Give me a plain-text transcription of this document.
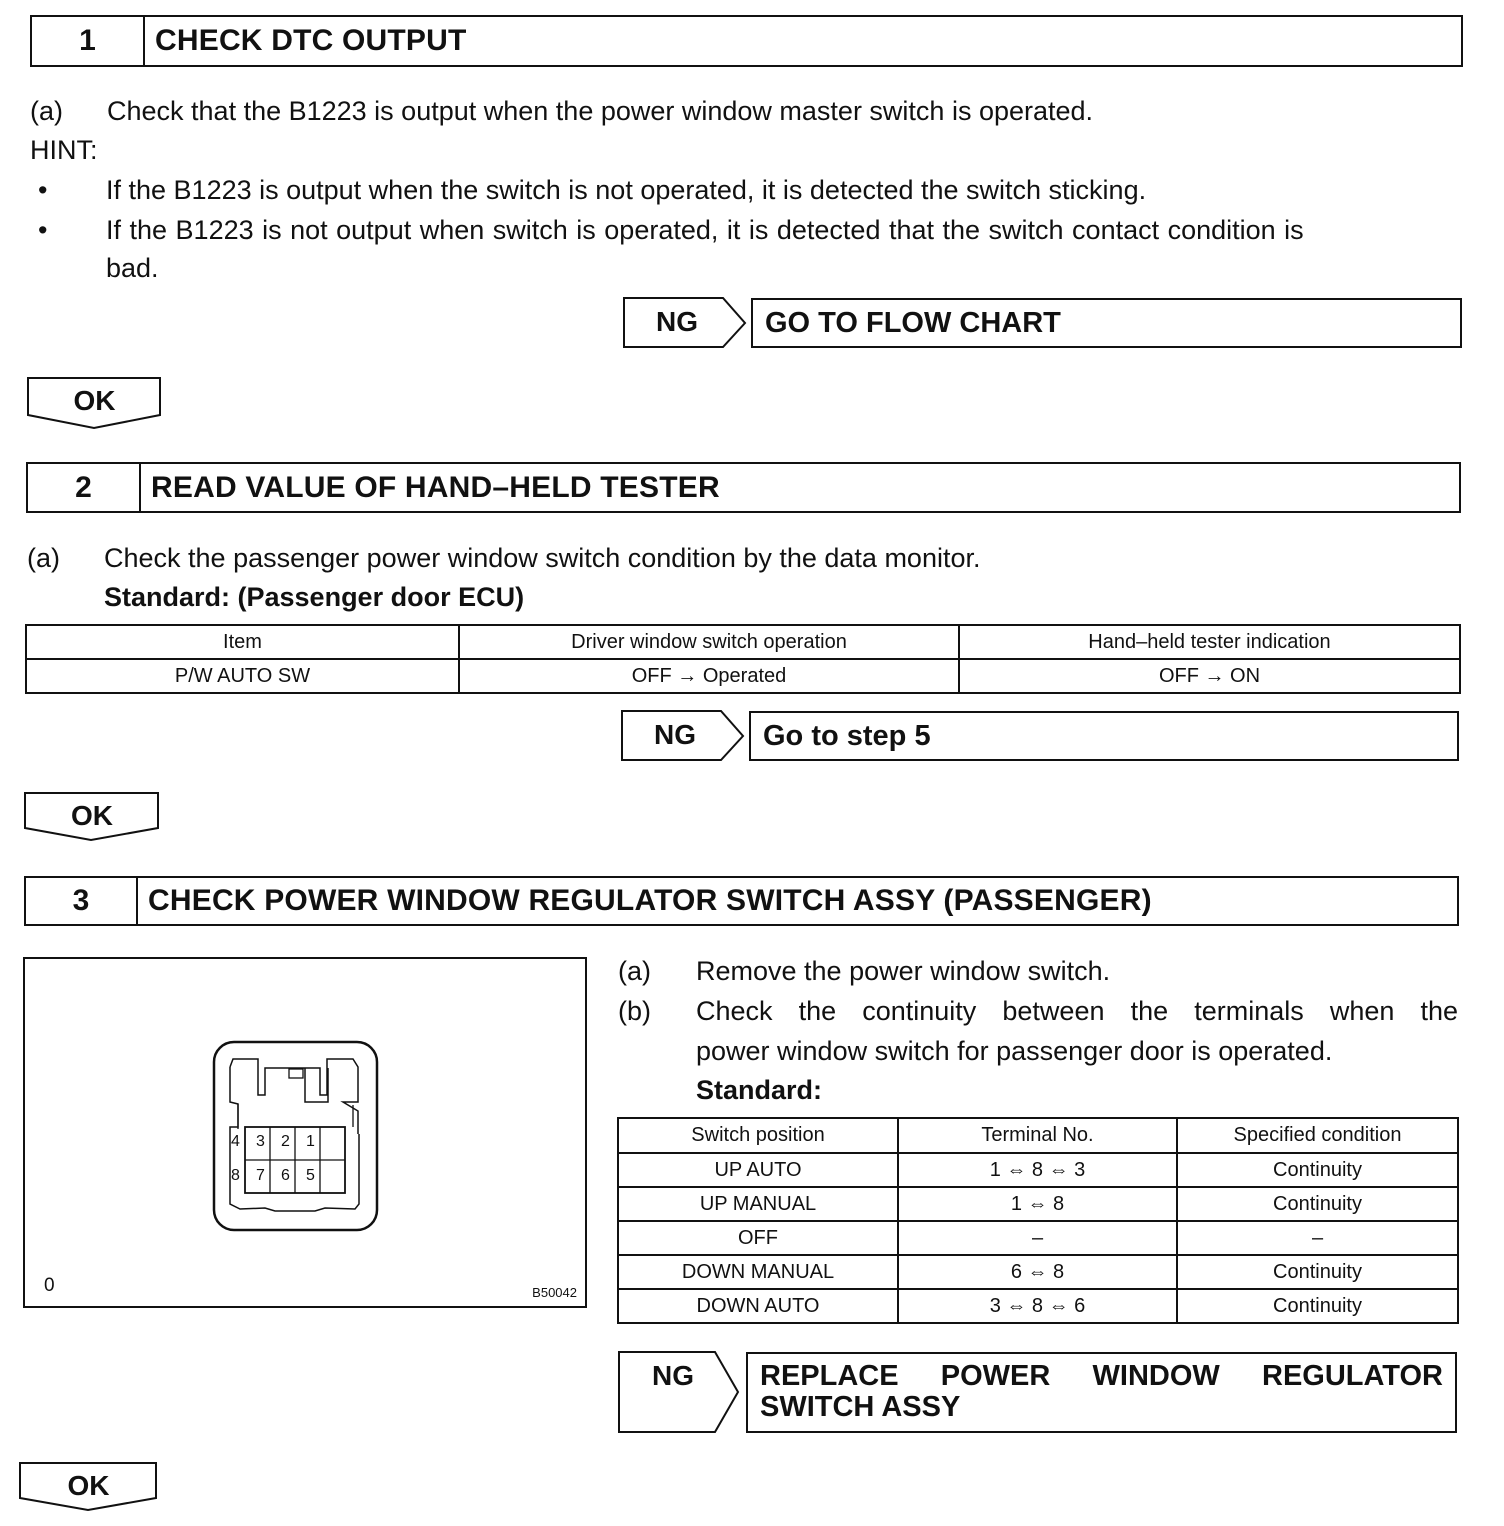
1	CHECK DTC OUTPUT
(a) Check that the B1223 is output when the power window master switch is operated.
HINT:
• If the B1223 is output when the switch is not operated, it is detected the switch sticking.
• If the B1223 is not output when switch is operated, it is detected that the switch contact condition is
bad.
NG	GO TO FLOW CHART
OK
2	READ VALUE OF HAND–HELD TESTER
(a) Check the passenger power window switch condition by the data monitor.
Standard: (Passenger door ECU)
Item	Driver window switch operation	Hand–held tester indication
P/W AUTO SW	OFF → Operated	OFF → ON
NG	Go to step 5
OK
3	CHECK POWER WINDOW REGULATOR SWITCH ASSY (PASSENGER)
4	3	2	1
8	7	6	5
0	B50042
(a) Remove the power window switch.
(b) Check the continuity between the terminals when the
power window switch for passenger door is operated.
Standard:
Switch position	Terminal No.	Specified condition
UP AUTO	1 ⇔ 8 ⇔ 3	Continuity
UP MANUAL	1 ⇔ 8	Continuity
OFF	–	–
DOWN MANUAL	6 ⇔ 8	Continuity
DOWN AUTO	3 ⇔ 8 ⇔ 6	Continuity
NG REPLACE POWER WINDOW REGULATOR
SWITCH ASSY
OK
